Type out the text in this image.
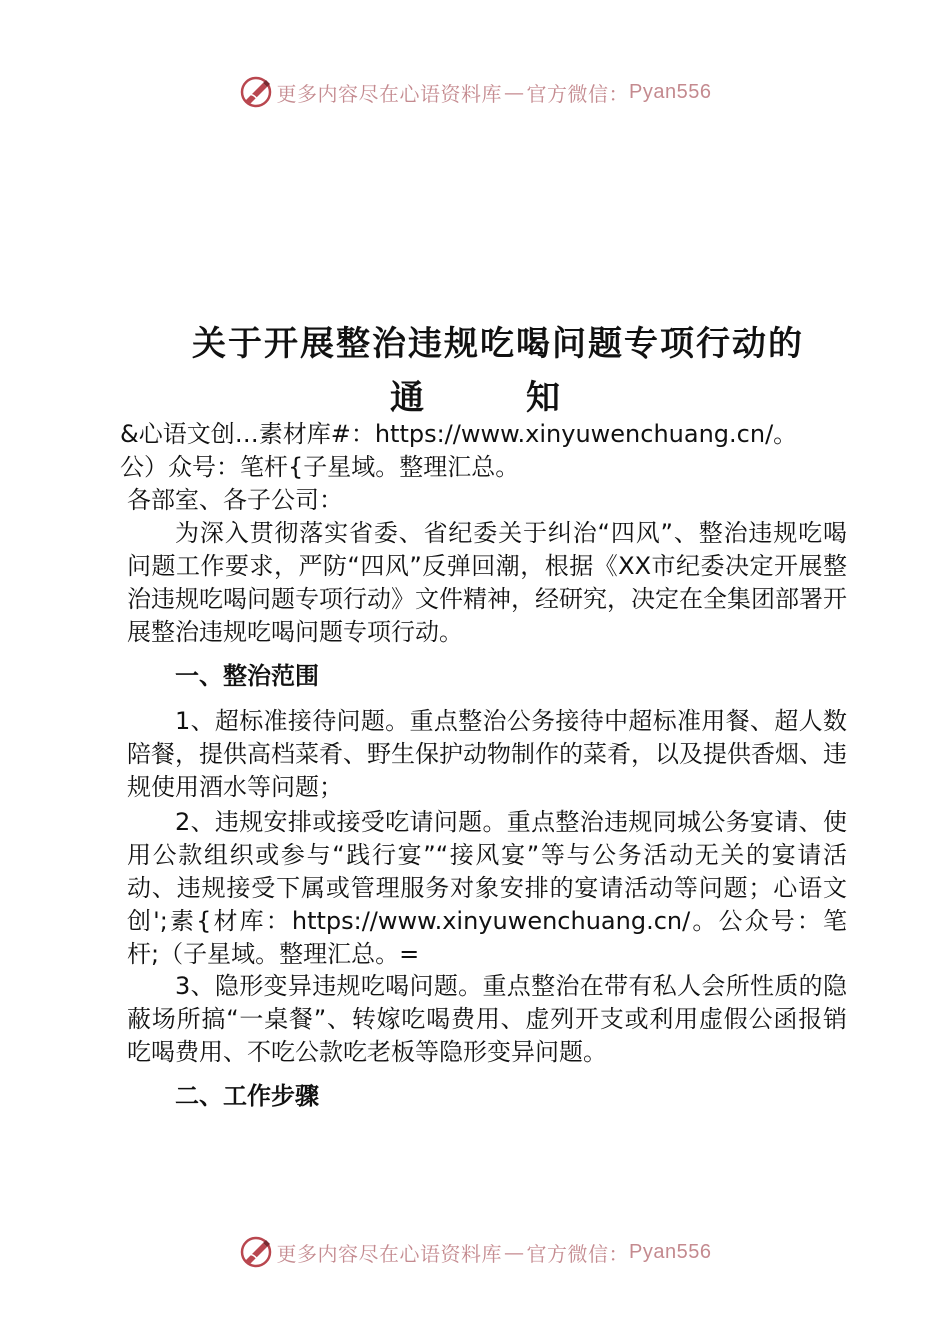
更多内容尽在心语资料库 — 官方微信： Pyan556
关于开展整治违规吃喝问题专项行动的
通	知
&心语文创…素材库#：https://www.xinyuwenchuang.cn/。
公）众号：笔杆{子星域。整理汇总。
各部室、各子公司：
为深入贯彻落实省委、省纪委关于纠治“四风”、整治违规吃喝问题工作要求，严防“四风”反弹回潮，根据《XX市纪委决定开展整治违规吃喝问题专项行动》文件精神，经研究，决定在全集团部署开展整治违规吃喝问题专项行动。
一、整治范围
1、超标准接待问题。重点整治公务接待中超标准用餐、超人数陪餐，提供高档菜肴、野生保护动物制作的菜肴，以及提供香烟、违规使用酒水等问题；
2、违规安排或接受吃请问题。重点整治违规同城公务宴请、使用公款组织或参与“践行宴”“接风宴”等与公务活动无关的宴请活动、违规接受下属或管理服务对象安排的宴请活动等问题；心语文创';素{材库：https://www.xinyuwenchuang.cn/。公众号：笔杆;（子星域。整理汇总。=
3、隐形变异违规吃喝问题。重点整治在带有私人会所性质的隐蔽场所搞“一桌餐”、转嫁吃喝费用、虚列开支或利用虚假公函报销吃喝费用、不吃公款吃老板等隐形变异问题。
二、工作步骤
更多内容尽在心语资料库 — 官方微信： Pyan556
